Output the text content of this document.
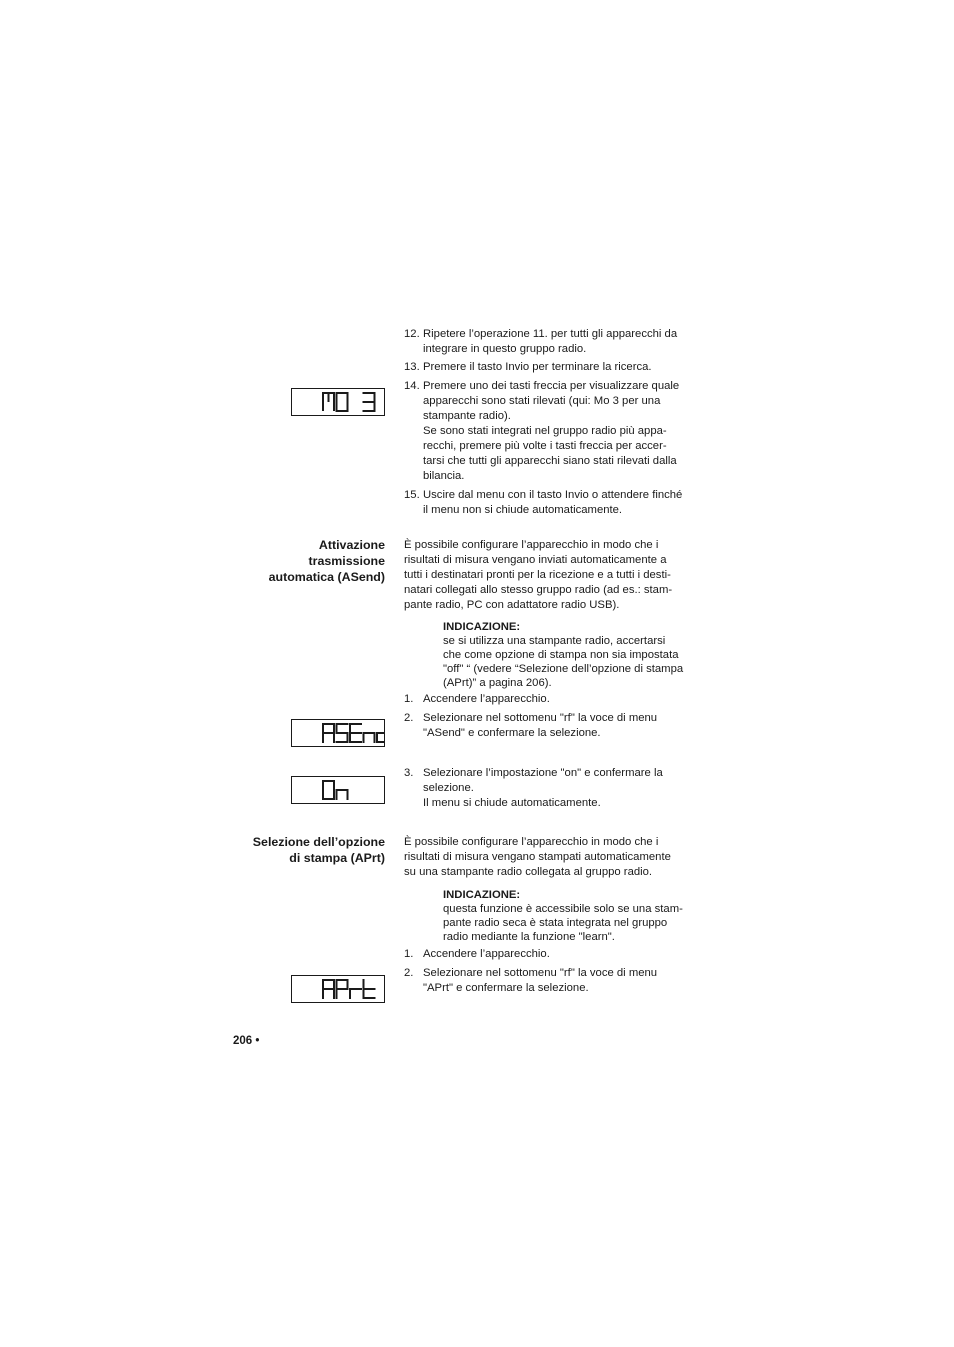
12. Ripetere l’operazione 11. per tutti gli apparecchi da
integrare in questo gruppo radio.
13. Premere il tasto Invio per terminare la ricerca.
14. Premere uno dei tasti freccia per visualizzare quale
apparecchi sono stati rilevati (qui: Mo 3 per una
stampante radio).
Se sono stati integrati nel gruppo radio più appa-
recchi, premere più volte i tasti freccia per accer-
tarsi che tutti gli apparecchi siano stati rilevati dalla
bilancia.
15. Uscire dal menu con il tasto Invio o attendere finché
il menu non si chiude automaticamente.
Attivazione
trasmissione
automatica (ASend)
È possibile configurare l’apparecchio in modo che i
risultati di misura vengano inviati automaticamente a
tutti i destinatari pronti per la ricezione e a tutti i desti-
natari collegati allo stesso gruppo radio (ad es.: stam-
pante radio, PC con adattatore radio USB).
INDICAZIONE:
se si utilizza una stampante radio, accertarsi
che come opzione di stampa non sia impostata
"off" “ (vedere “Selezione dell’opzione di stampa
(APrt)” a pagina 206).
1. Accendere l’apparecchio.
2. Selezionare nel sottomenu "rf" la voce di menu
"ASend" e confermare la selezione.
3. Selezionare l’impostazione "on" e confermare la
selezione.
Il menu si chiude automaticamente.
Selezione dell’opzione
di stampa (APrt)
È possibile configurare l’apparecchio in modo che i
risultati di misura vengano stampati automaticamente
su una stampante radio collegata al gruppo radio.
INDICAZIONE:
questa funzione è accessibile solo se una stam-
pante radio seca è stata integrata nel gruppo
radio mediante la funzione "learn".
1. Accendere l’apparecchio.
2. Selezionare nel sottomenu "rf" la voce di menu
"APrt" e confermare la selezione.
206 •
